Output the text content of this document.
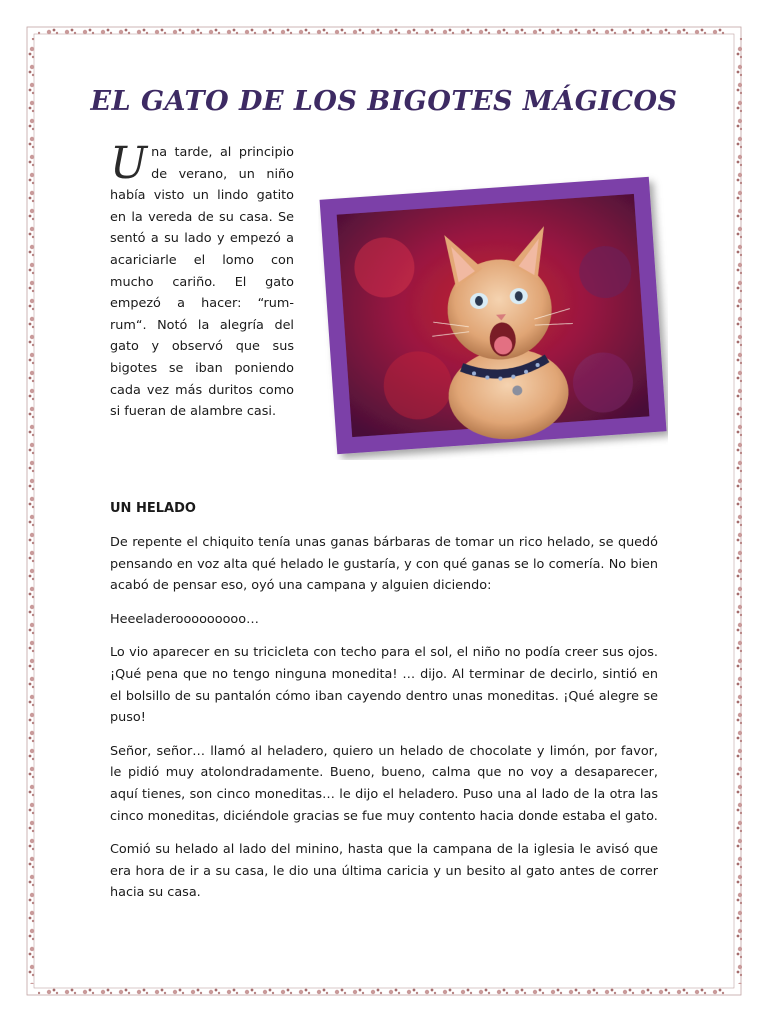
EL GATO DE LOS BIGOTES MÁGICOS
Una tarde, al principio de verano, un niño había visto un lindo gatito en la vereda de su casa. Se sentó a su lado y empezó a acariciarle el lomo con mucho cariño. El gato empezó a hacer: “rum-rum“. Notó la alegría del gato y observó que sus bigotes se iban poniendo cada vez más duritos como si fueran de alambre casi.
UN HELADO

De repente el chiquito tenía unas ganas bárbaras de tomar un rico helado, se quedó pensando en voz alta qué helado le gustaría, y con qué ganas se lo comería. No bien acabó de pensar eso, oyó una campana y alguien diciendo:

Heeeladerooooooooo…

Lo vio aparecer en su tricicleta con techo para el sol, el niño no podía creer sus ojos. ¡Qué pena que no tengo ninguna monedita! … dijo. Al terminar de decirlo, sintió en el bolsillo de su pantalón cómo iban cayendo dentro unas moneditas. ¡Qué alegre se puso!

Señor, señor… llamó al heladero, quiero un helado de chocolate y limón, por favor, le pidió muy atolondradamente. Bueno, bueno, calma que no voy a desaparecer, aquí tienes, son cinco moneditas… le dijo el heladero. Puso una al lado de la otra las cinco moneditas, diciéndole gracias se fue muy contento hacia donde estaba el gato.

Comió su helado al lado del minino, hasta que la campana de la iglesia le avisó que era hora de ir a su casa, le dio una última caricia y un besito al gato antes de correr hacia su casa.
